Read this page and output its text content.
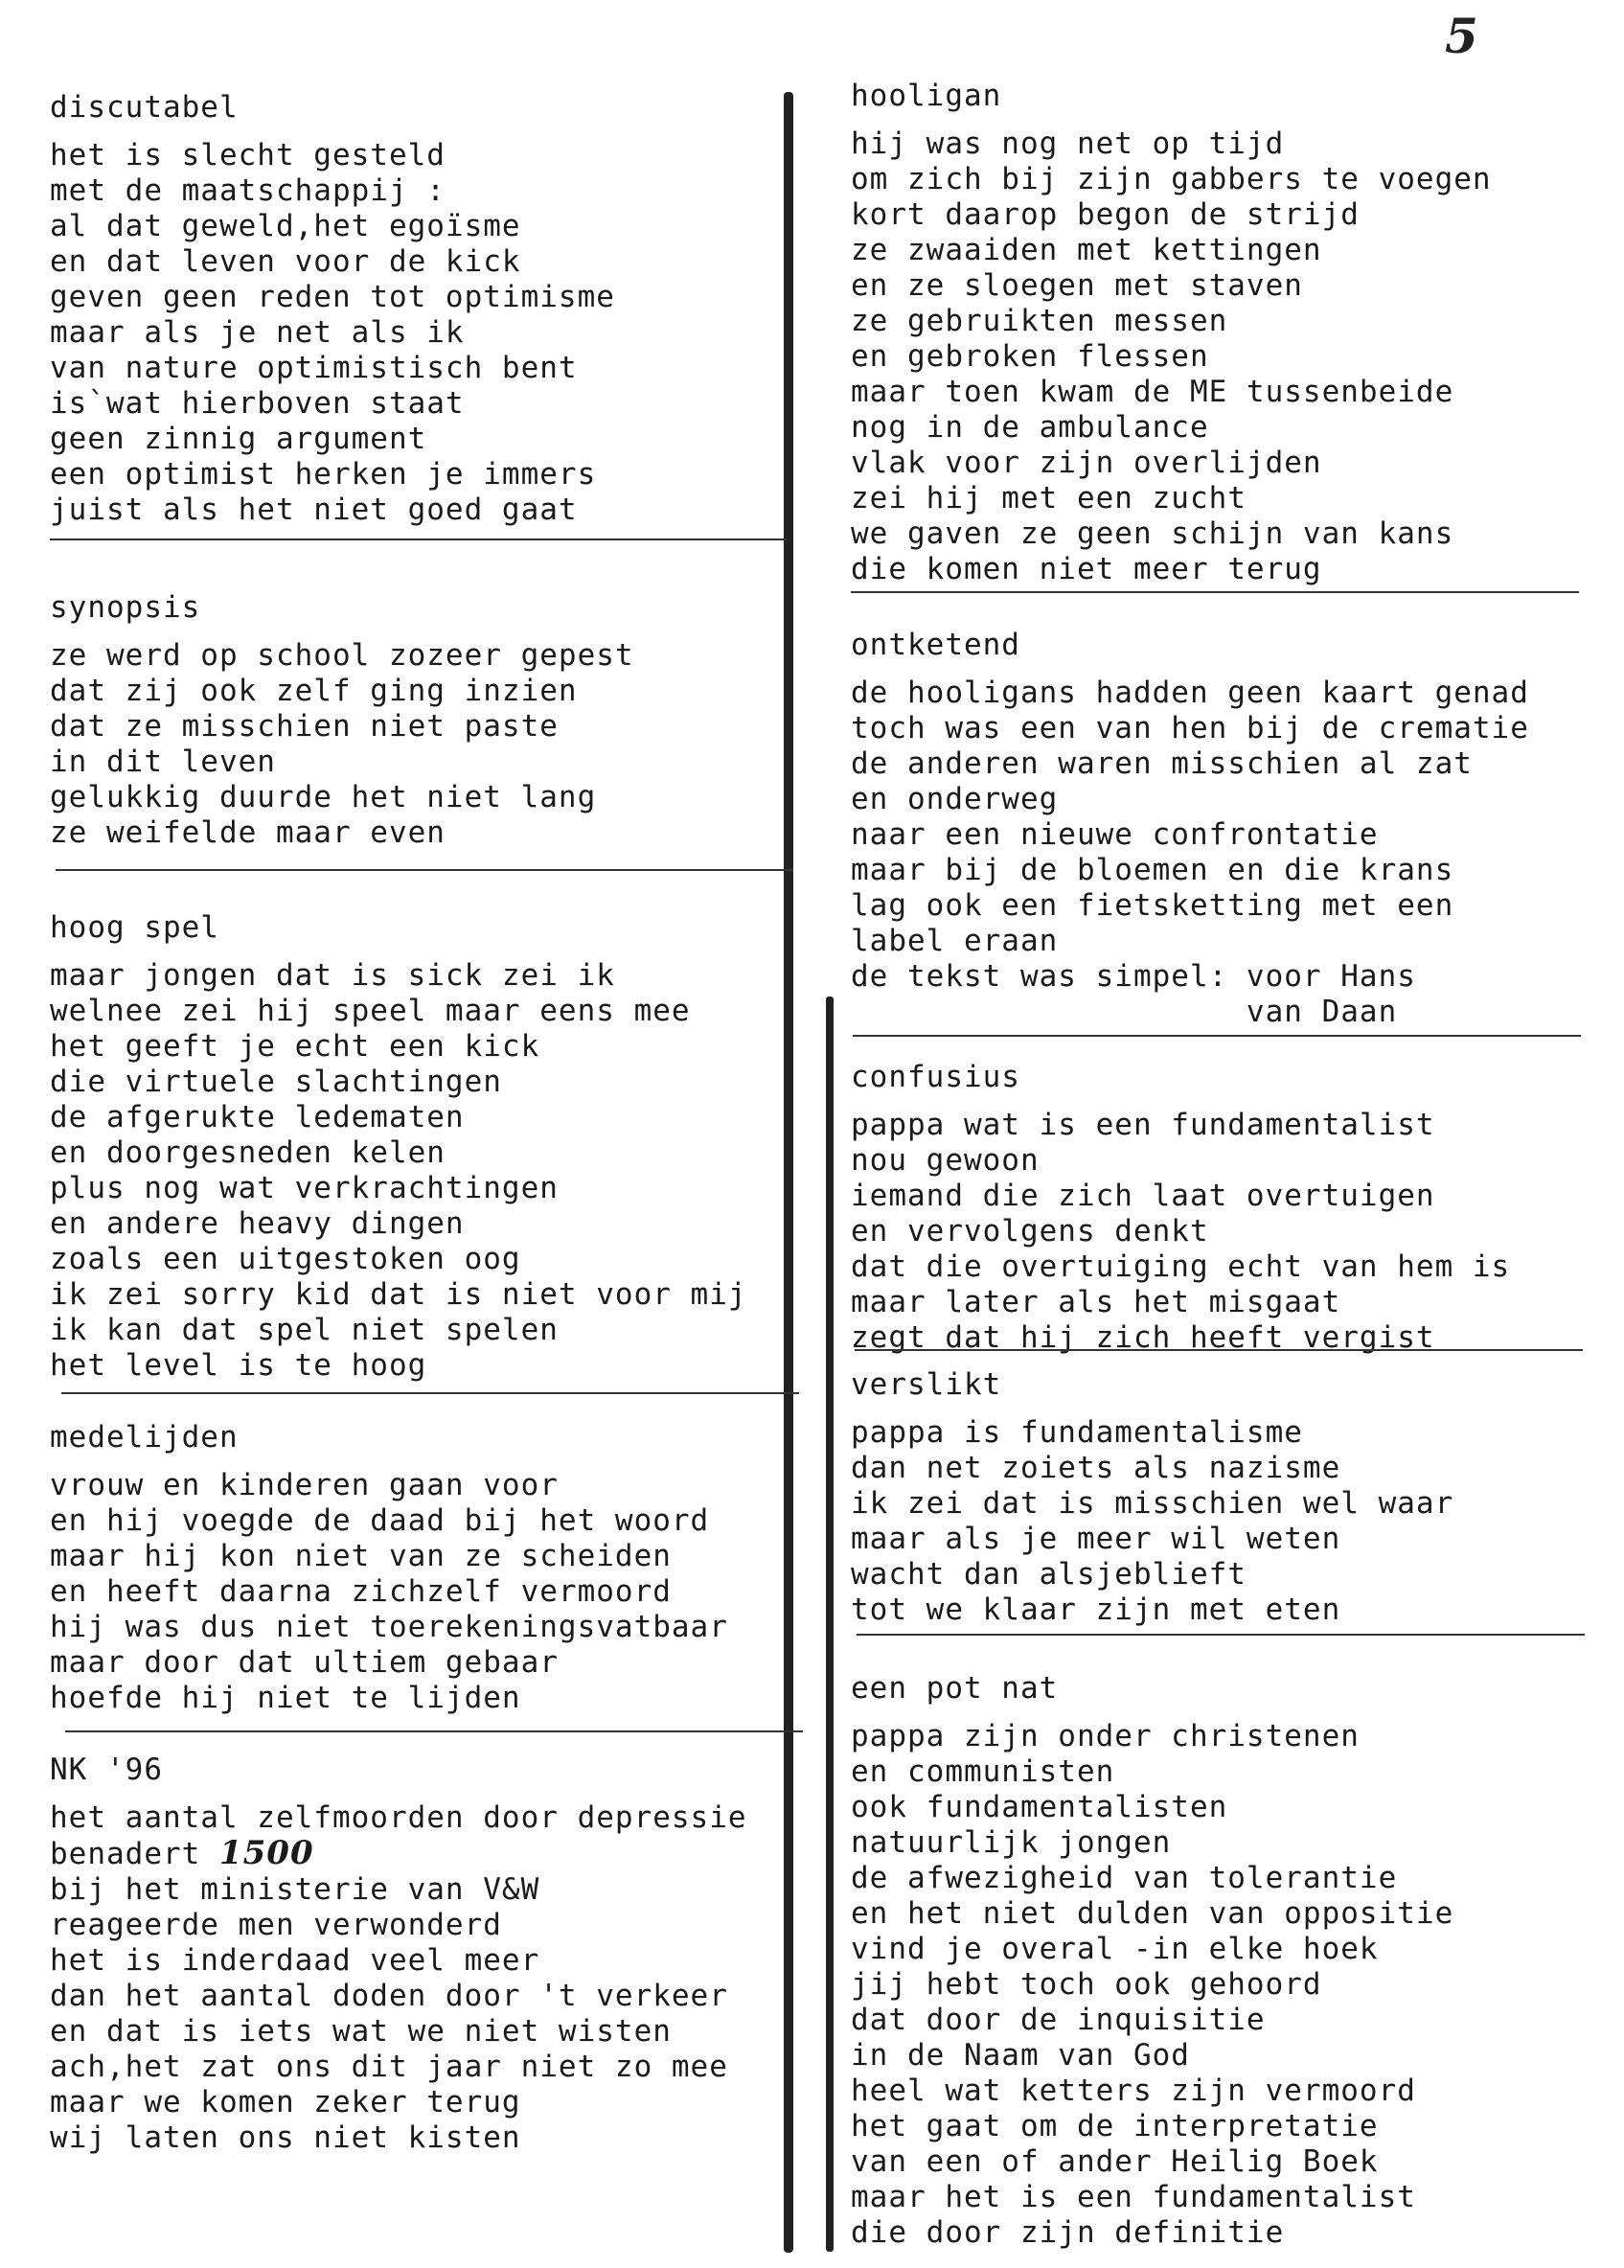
5
discutabel
het is slecht gesteld
met de maatschappij :
al dat geweld,het egoïsme
en dat leven voor de kick
geven geen reden tot optimisme
maar als je net als ik
van nature optimistisch bent
is`wat hierboven staat
geen zinnig argument
een optimist herken je immers
juist als het niet goed gaat
synopsis
ze werd op school zozeer gepest
dat zij ook zelf ging inzien
dat ze misschien niet paste
in dit leven
gelukkig duurde het niet lang
ze weifelde maar even
hoog spel
maar jongen dat is sick zei ik
welnee zei hij speel maar eens mee
het geeft je echt een kick
die virtuele slachtingen
de afgerukte ledematen
en doorgesneden kelen
plus nog wat verkrachtingen
en andere heavy dingen
zoals een uitgestoken oog
ik zei sorry kid dat is niet voor mij
ik kan dat spel niet spelen
het level is te hoog
medelijden
vrouw en kinderen gaan voor
en hij voegde de daad bij het woord
maar hij kon niet van ze scheiden
en heeft daarna zichzelf vermoord
hij was dus niet toerekeningsvatbaar
maar door dat ultiem gebaar
hoefde hij niet te lijden
NK '96
het aantal zelfmoorden door depressie
benadert 1500
bij het ministerie van V&W
reageerde men verwonderd
het is inderdaad veel meer
dan het aantal doden door 't verkeer
en dat is iets wat we niet wisten
ach,het zat ons dit jaar niet zo mee
maar we komen zeker terug
wij laten ons niet kisten
hooligan
hij was nog net op tijd
om zich bij zijn gabbers te voegen
kort daarop begon de strijd
ze zwaaiden met kettingen
en ze sloegen met staven
ze gebruikten messen
en gebroken flessen
maar toen kwam de ME tussenbeide
nog in de ambulance
vlak voor zijn overlijden
zei hij met een zucht
we gaven ze geen schijn van kans
die komen niet meer terug
ontketend
de hooligans hadden geen kaart genad
toch was een van hen bij de crematie
de anderen waren misschien al zat
en onderweg
naar een nieuwe confrontatie
maar bij de bloemen en die krans
lag ook een fietsketting met een
label eraan
de tekst was simpel: voor Hans
van Daan
confusius
pappa wat is een fundamentalist
nou gewoon
iemand die zich laat overtuigen
en vervolgens denkt
dat die overtuiging echt van hem is
maar later als het misgaat
zegt dat hij zich heeft vergist
verslikt
pappa is fundamentalisme
dan net zoiets als nazisme
ik zei dat is misschien wel waar
maar als je meer wil weten
wacht dan alsjeblieft
tot we klaar zijn met eten
een pot nat
pappa zijn onder christenen
en communisten
ook fundamentalisten
natuurlijk jongen
de afwezigheid van tolerantie
en het niet dulden van oppositie
vind je overal -in elke hoek
jij hebt toch ook gehoord
dat door de inquisitie
in de Naam van God
heel wat ketters zijn vermoord
het gaat om de interpretatie
van een of ander Heilig Boek
maar het is een fundamentalist
die door zijn definitie
